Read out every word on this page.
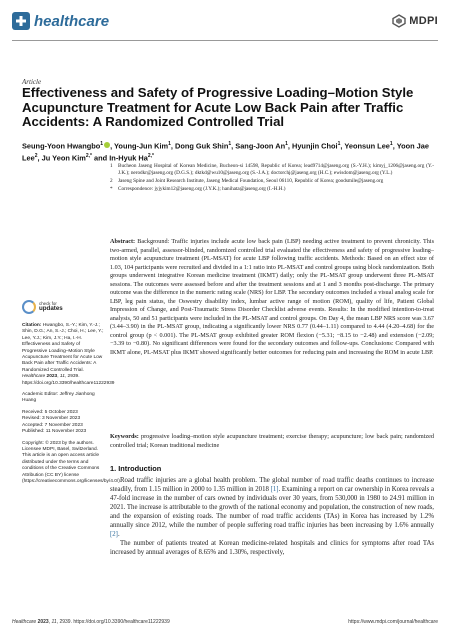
healthcare	MDPI
Article
Effectiveness and Safety of Progressive Loading–Motion Style Acupuncture Treatment for Acute Low Back Pain after Traffic Accidents: A Randomized Controlled Trial
Seung-Yoon Hwangbo$^1$ , Young-Jun Kim$^1$, Dong Guk Shin$^1$, Sang-Joon An$^1$, Hyunjin Choi$^1$, Yeonsun Lee$^1$, Yoon Jae Lee$^2$, Ju Yeon Kim$^{2,*}$ and In-Hyuk $Ha^{2,*}$
1	Bucheon Jaseng Hospital of Korean Medicine, Bucheon-si 14598, Republic of Korea; lead9714@jaseng.org (S.-Y.H.); kimyj_1206@jaseng.org (Y.-J.K.); nerodkr@jaseng.org (D.G.S.); dktkd@wu10@jaseng.org (S.-J.A.); doctorchj@jaseng.org (H.C.); ewisdom@jaseng.org (Y.L.)
2	Jaseng Spine and Joint Research Institute, Jaseng Medical Foundation, Seoul 06110, Republic of Korea; goodsmile@jaseng.org
*	Correspondence: jyjykim12@jaseng.org (J.Y.K.); hanihata@jaseng.org (I.-H.H.)
Abstract: Background: Traffic injuries include acute low back pain (LBP) needing active treatment to prevent chronicity. This two-armed, parallel, assessor-blinded, randomized controlled trial evaluated the effectiveness and safety of progressive loading–motion style acupuncture treatment (PL-MSAT) for acute LBP following traffic accidents. Methods: Based on an effect size of 1.03, 104 participants were recruited and divided in a 1:1 ratio into PL-MSAT and control groups using block randomization. Both groups underwent integrative Korean medicine treatment (IKMT) daily; only the PL-MSAT group underwent three PL-MSAT sessions. The outcomes were assessed before and after the treatment sessions and at 1 and 3 months post-discharge. The primary outcome was the difference in the numeric rating scale (NRS) for LBP. The secondary outcomes included a visual analog scale for LBP, leg pain status, the Oswestry disability index, lumbar active range of motion (ROM), quality of life, Patient Global Impression of Change, and Post-Traumatic Stress Disorder Checklist adverse events. Results: In the modified intention-to-treat analysis, 50 and 51 participants were included in the PL-MSAT and control groups. On Day 4, the mean LBP NRS score was 3.67 (3.44–3.90) in the PL-MSAT group, indicating a significantly lower NRS 0.77 (0.44–1.11) compared to 4.44 (4.20–4.68) for the control group (p < 0.001). The PL-MSAT group exhibited greater ROM flexion (−5.31; −8.15 to −2.48) and extension (−2.09; −3.39 to −0.80). No significant differences were found for the secondary outcomes and follow-ups. Conclusions: Compared with IKMT alone, PL-MSAT plus IKMT showed significantly better outcomes for reducing pain and increasing the ROM in acute LBP.
Keywords: progressive loading–motion style acupuncture treatment; exercise therapy; acupuncture; low back pain; randomized controlled trial; Korean traditional medicine
1. Introduction

Road traffic injuries are a global health problem. The global number of road traffic deaths continues to increase steadily, from 1.15 million in 2000 to 1.35 million in 2018 [1]. Examining a report on car ownership in Korea reveals a 47-fold increase in the number of cars owned by individuals over 30 years, from 530,000 in 1980 to 24.91 million in 2021. The increase is attributable to the growth of the national economy and population, the construction of new roads, and the expansion of existing roads. The number of road traffic accidents (TAs) in Korea has increased by 1.2% annually since 2012, while the number of people suffering road traffic injuries has been increasing by 1.6% annually [2].

The number of patients treated at Korean medicine-related hospitals and clinics for symptoms after road TAs increased by annual averages of 8.65% and 1.30%, respectively,

check for
updates
Citation: Hwangbo, S.-Y.; Kim, Y.-J.; Shin, D.G.; An, S.-J.; Choi, H.; Lee, Y.; Lee, Y.J.; Kim, J.Y.; Ha, I.-H. Effectiveness and Safety of Progressive Loading–Motion Style Acupuncture Treatment for Acute Low Back Pain after Traffic Accidents: A Randomized Controlled Trial. Healthcare 2023, 11, 2939. https://doi.org/10.3390/healthcare11222939
Academic Editor: Jeffrey Jianhong Huang
Received: 5 October 2023
Revised: 3 November 2023
Accepted: 7 November 2023
Published: 11 November 2023
Copyright: © 2023 by the authors. Licensee MDPI, Basel, Switzerland. This article is an open access article distributed under the terms and conditions of the Creative Commons Attribution (CC BY) license (https://creativecommons.org/licenses/by/4.0/).
Healthcare 2023, 11, 2939. https://doi.org/10.3390/healthcare11222939	https://www.mdpi.com/journal/healthcare
